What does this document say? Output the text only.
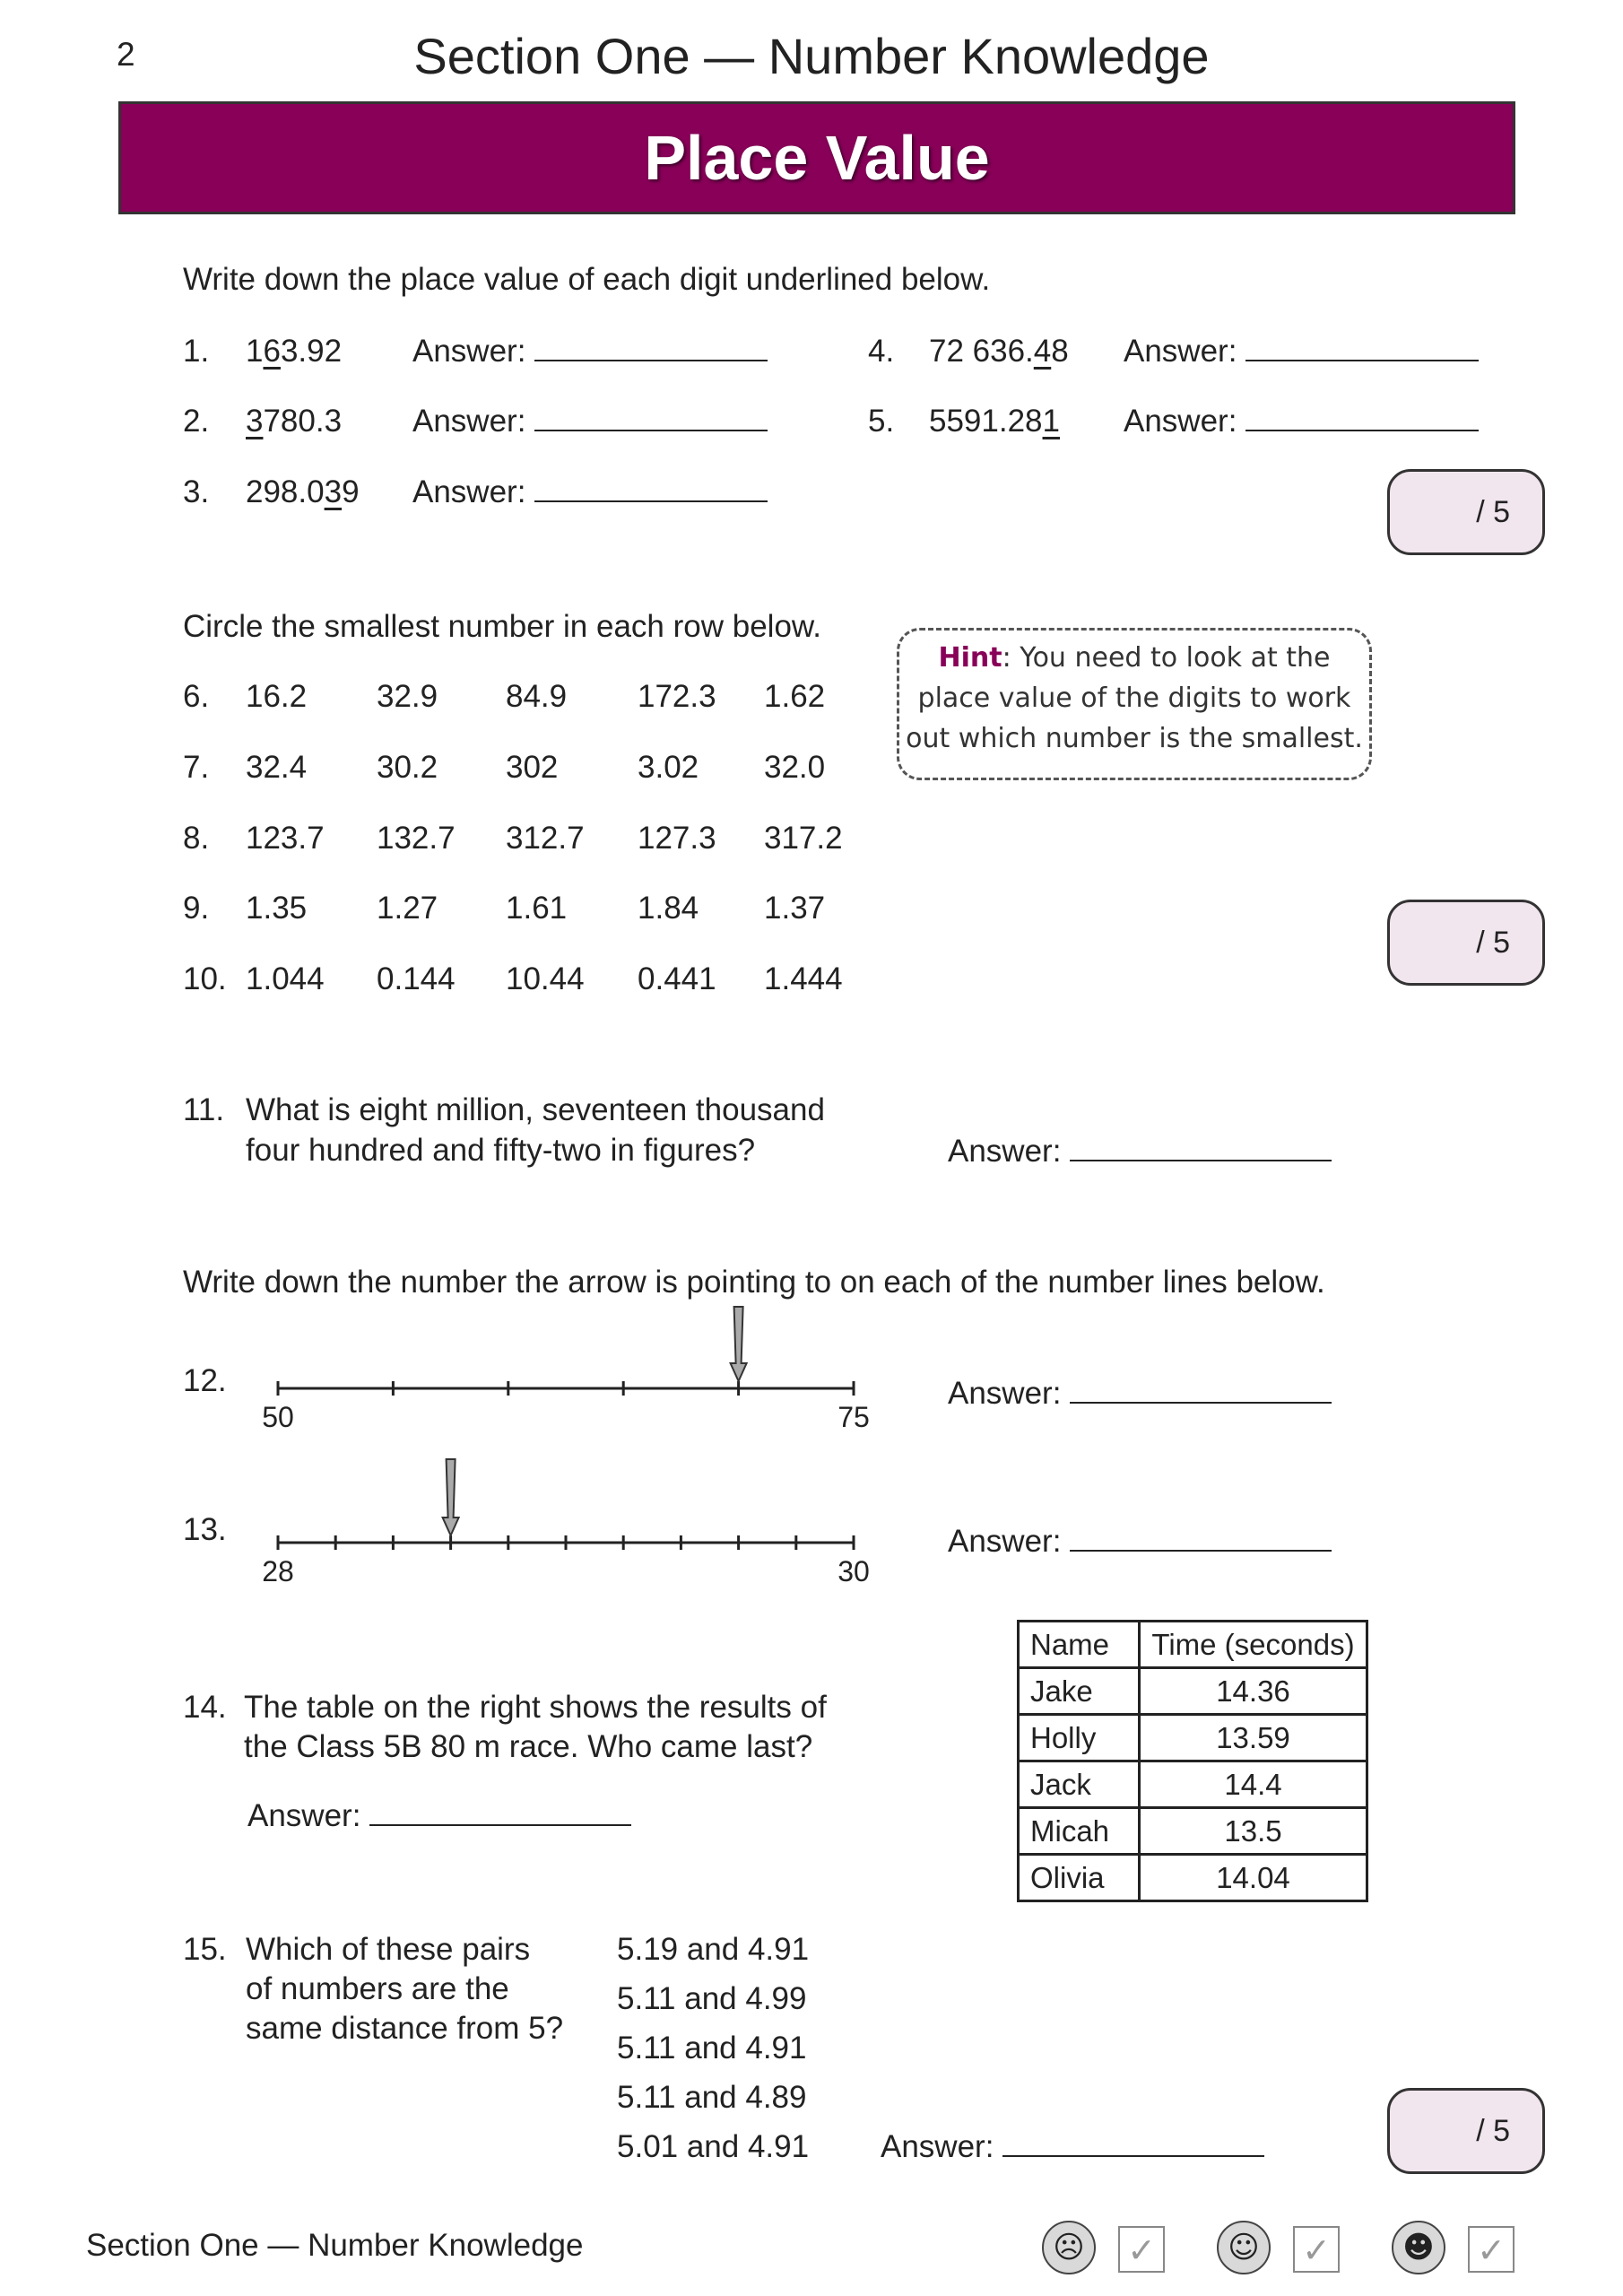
2	Section One — Number Knowledge
Place Value
Write down the place value of each digit underlined below.
1. 163.92 Answer:
2. 3780.3 Answer:
3. 298.039 Answer:
4. 72 636.48 Answer:
5. 5591.281 Answer:
/ 5
Circle the smallest number in each row below.
6. 16.2 32.9 84.9 172.3 1.62
7. 32.4 30.2 302	3.02 32.0
8. 123.7 132.7 312.7 127.3 317.2
9. 1.35 1.27 1.61 1.84 1.37
10. 1.044 0.144 10.44 0.441 1.444
Hint: You need to look at the
place value of the digits to work
out which number is the smallest.
/ 5
11. What is eight million, seventeen thousand
four hundred and fifty-two in figures?	Answer:
Write down the number the arrow is pointing to on each of the number lines below.
12.
50	75
Answer:
13.
28	30
Answer:
14. The table on the right shows the results of
the Class 5B 80 m race. Who came last?
Answer:
Name	Time (seconds)
Jake	14.36
Holly	13.59
Jack	14.4
Micah	13.5
Olivia	14.04
15. Which of these pairs
of numbers are the
same distance from 5?
5.19 and 4.91
5.11 and 4.99
5.11 and 4.91
5.11 and 4.89
5.01 and 4.91 Answer:	/ 5
Section One — Number Knowledge	☹	✓	☺	✓	☻	✓
